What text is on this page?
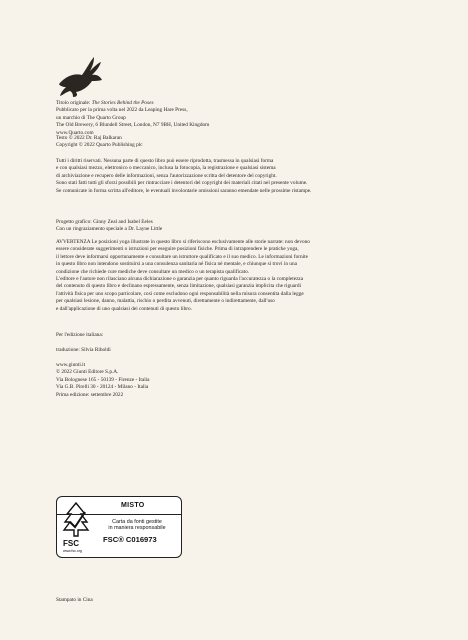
Titolo originale: The Stories Behind the Poses

Pubblicato per la prima volta nel 2022 da Leaping Hare Press,

un marchio di The Quarto Group

The Old Brewery, 6 Blundell Street, London, N7 9BH, United Kingdom

www.Quarto.com

Testo © 2022 Dr. Raj Balkaran

Copyright © 2022 Quarto Publishing plc

Tutti i diritti riservati. Nessuna parte di questo libro può essere riprodotta, trasmessa in qualsiasi forma

e con qualsiasi mezzo, elettronico o meccanico, inclusa la fotocopia, la registrazione e qualsiasi sistema

di archiviazione e recupero delle informazioni, senza l'autorizzazione scritta del detentore del copyright.

Sono stati fatti tutti gli sforzi possibili per rintracciare i detentori del copyright dei materiali citati nel presente volume.

Se comunicate in forma scritta all'editore, le eventuali involontarie omissioni saranno emendate nelle prossime ristampe.

Progetto grafico: Ginny Zeal and Isabel Eeles

Con un ringraziamento speciale a Dr. Layne Little

AVVERTENZA Le posizioni yoga illustrate in questo libro si riferiscono esclusivamente alle storie narrate: non devono

essere considerate suggerimenti o istruzioni per eseguire posizioni fisiche. Prima di intraprendere le pratiche yoga,

il lettore deve informarsi opportunamente e consultare un istruttore qualificato e il suo medico. Le informazioni fornite

in questo libro non intendono sostituirsi a una consulenza sanitaria né fisica né mentale, e chiunque si trovi in una

condizione che richiede cure mediche deve consultare un medico o un terapista qualificato.

L'editore e l'autore non rilasciano alcuna dichiarazione o garanzia per quanto riguarda l'accuratezza o la completezza

del contenuto di questo libro e declinano espressamente, senza limitazione, qualsiasi garanzia implicita che riguardi

l'attività fisica per uno scopo particolare, così come escludono ogni responsabilità nella misura consentita dalla legge

per qualsiasi lesione, danno, malattia, rischio o perdita avvenuti, direttamente o indirettamente, dall'uso

e dall'applicazione di uno qualsiasi dei contenuti di questo libro.

Per l'edizione italiana:

traduzione: Silvia Riboldi

www.giunti.it

© 2022 Giunti Editore S.p.A.

Via Bolognese 165 - 50139 - Firenze - Italia

Via G.B. Pirelli 30 - 20124 - Milano - Italia

Prima edizione: settembre 2022

FSC
www.fsc.org
MISTO
Carta da fonti gestite
in maniera responsabile
FSC® C016973

Stampato in Cina
